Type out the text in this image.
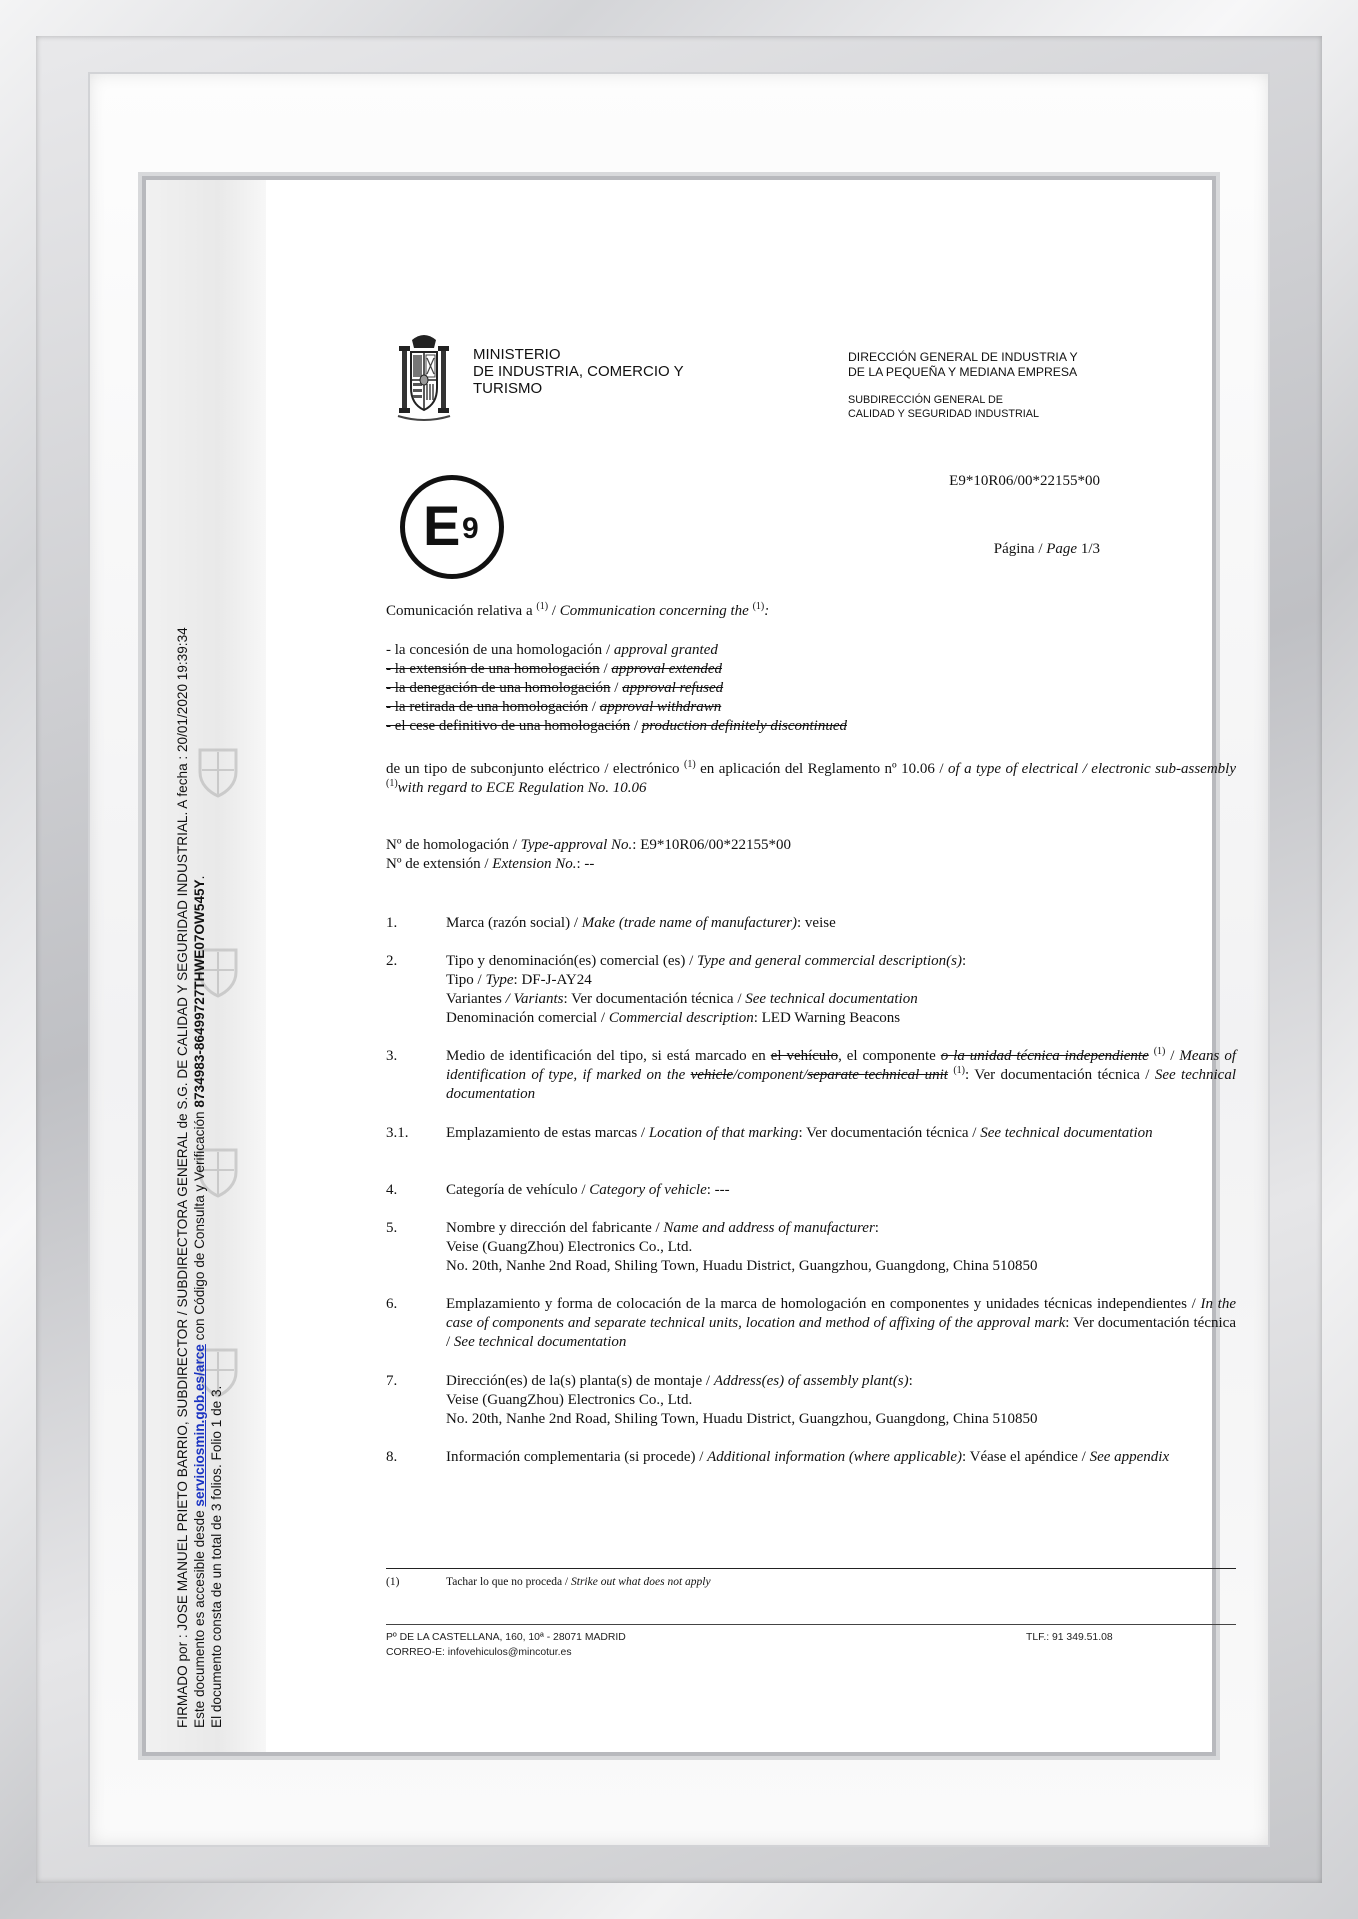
FIRMADO por : JOSE MANUEL PRIETO BARRIO, SUBDIRECTOR / SUBDIRECTORA GENERAL de S.G. DE CALIDAD Y SEGURIDAD INDUSTRIAL. A fecha : 20/01/2020 19:39:34 Este documento es accesible desde serviciosmin.gob.es/arce con Código de Consulta y Verificación 8734983-86499727THWE07OW545Y.
El documento consta de un total de 3 folios. Folio 1 de 3.
MINISTERIO
DE INDUSTRIA, COMERCIO Y
TURISMO
DIRECCIÓN GENERAL DE INDUSTRIA Y
DE LA PEQUEÑA Y MEDIANA EMPRESA
SUBDIRECCIÓN GENERAL DE
CALIDAD Y SEGURIDAD INDUSTRIAL
E 9
E9*10R06/00*22155*00
Página / Page 1/3
Comunicación relativa a $^{(1)}$ / Communication concerning the $^{(1)}$:
- la concesión de una homologación / approval granted
- la extensión de una homologación / approval extended
- la denegación de una homologación / approval refused
- la retirada de una homologación / approval withdrawn
- el cese definitivo de una homologación / production definitely discontinued
de un tipo de subconjunto eléctrico / electrónico $^{(1)}$ en aplicación del Reglamento nº 10.06 / of a type of electrical / electronic sub-assembly $^{(1)}$with regard to ECE Regulation No. 10.06
Nº de homologación / Type-approval No.: E9*10R06/00*22155*00
Nº de extensión / Extension No.: --
1.	Marca (razón social) / Make (trade name of manufacturer): veise
2.	Tipo y denominación(es) comercial (es) / Type and general commercial description(s):
Tipo / Type: DF-J-AY24
Variantes / Variants: Ver documentación técnica / See technical documentation
Denominación comercial / Commercial description: LED Warning Beacons
3.	Medio de identificación del tipo, si está marcado en el vehículo, el componente o la unidad técnica independiente $^{(1)}$ / Means of identification of type, if marked on the vehicle/component/separate technical unit $^{(1)}$: Ver documentación técnica / See technical documentation
3.1.	Emplazamiento de estas marcas / Location of that marking: Ver documentación técnica / See technical documentation
4.	Categoría de vehículo / Category of vehicle: ---
5.	Nombre y dirección del fabricante / Name and address of manufacturer:
Veise (GuangZhou) Electronics Co., Ltd.
No. 20th, Nanhe 2nd Road, Shiling Town, Huadu District, Guangzhou, Guangdong, China 510850
6.	Emplazamiento y forma de colocación de la marca de homologación en componentes y unidades técnicas independientes / In the case of components and separate technical units, location and method of affixing of the approval mark: Ver documentación técnica / See technical documentation
7.	Dirección(es) de la(s) planta(s) de montaje / Address(es) of assembly plant(s):
Veise (GuangZhou) Electronics Co., Ltd.
No. 20th, Nanhe 2nd Road, Shiling Town, Huadu District, Guangzhou, Guangdong, China 510850
8.	Información complementaria (si procede) / Additional information (where applicable): Véase el apéndice / See appendix
(1)	Tachar lo que no proceda / Strike out what does not apply
Pº DE LA CASTELLANA, 160, 10ª - 28071 MADRID
CORREO-E: infovehiculos@mincotur.es
TLF.: 91 349.51.08
